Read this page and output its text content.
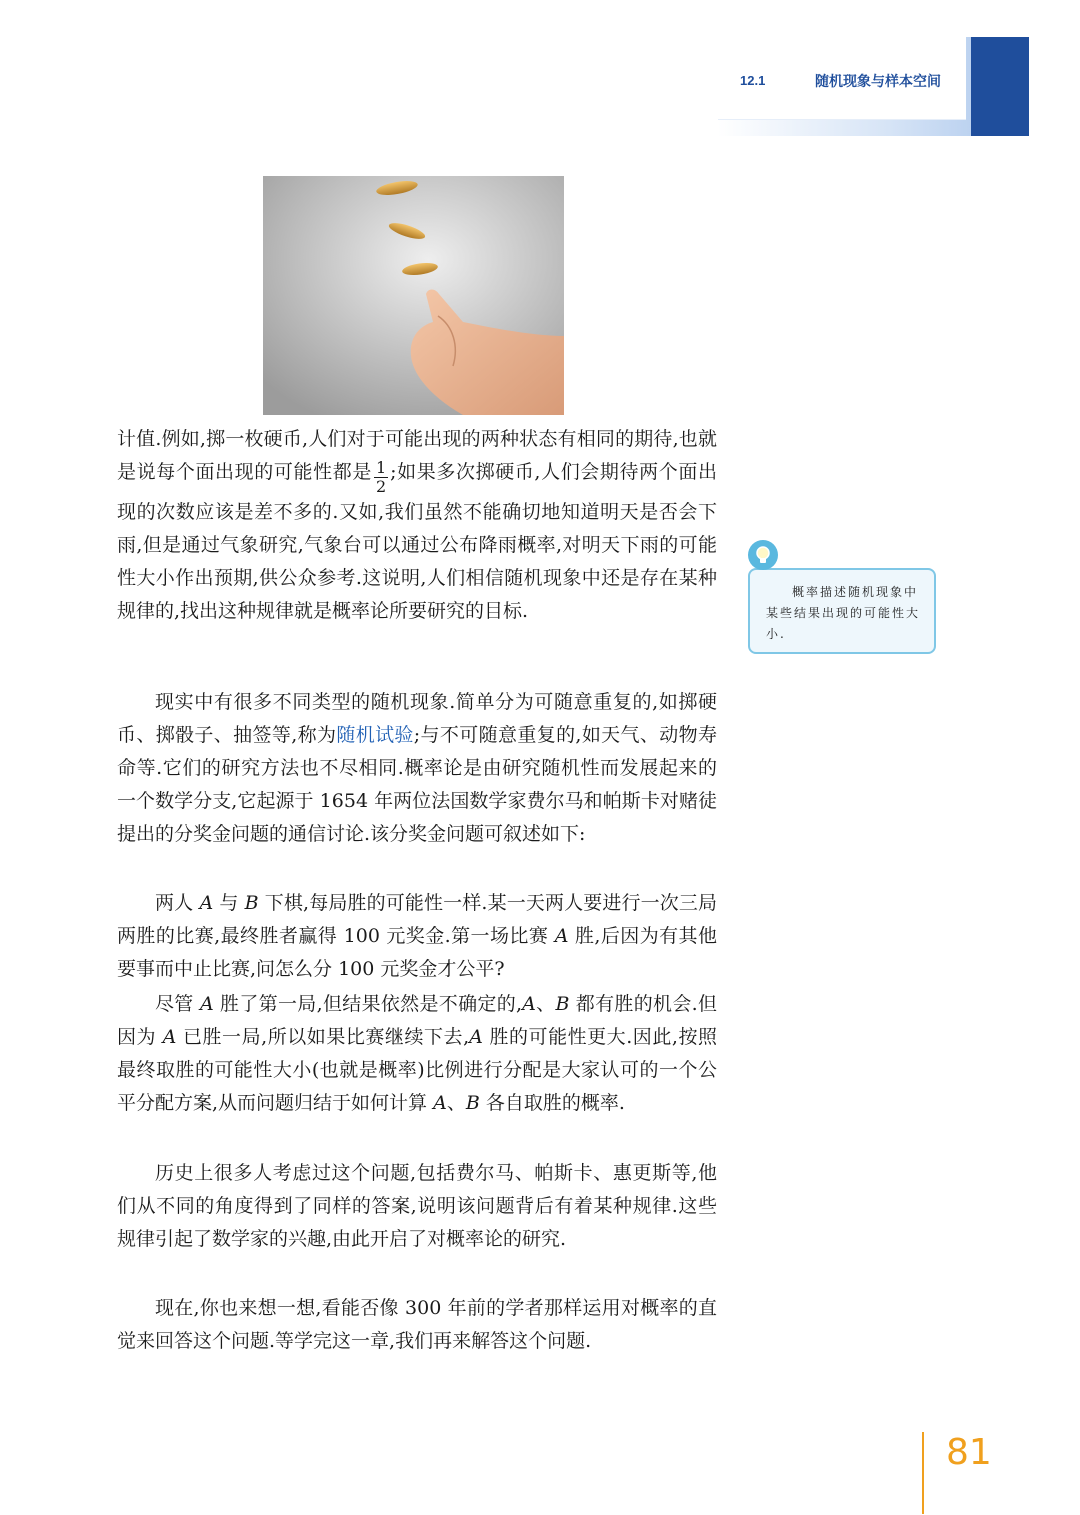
12.1	随机现象与样本空间

计值.例如,掷一枚硬币,人们对于可能出现的两种状态有相同的期待,也就是说每个面出现的可能性都是 $\frac{1}{2}$ ;如果多次掷硬币,人们会期待两个面出现的次数应该是差不多的.又如,我们虽然不能确切地知道明天是否会下雨,但是通过气象研究,气象台可以通过公布降雨概率,对明天下雨的可能性大小作出预期,供公众参考.这说明,人们相信随机现象中还是存在某种规律的,找出这种规律就是概率论所要研究的目标.

现实中有很多不同类型的随机现象.简单分为可随意重复的,如掷硬币、掷骰子、抽签等,称为随机试验;与不可随意重复的,如天气、动物寿命等.它们的研究方法也不尽相同.概率论是由研究随机性而发展起来的一个数学分支,它起源于 1654 年两位法国数学家费尔马和帕斯卡对赌徒提出的分奖金问题的通信讨论.该分奖金问题可叙述如下:

两人 A 与 B 下棋,每局胜的可能性一样.某一天两人要进行一次三局两胜的比赛,最终胜者赢得 100 元奖金.第一场比赛 A 胜,后因为有其他要事而中止比赛,问怎么分 100 元奖金才公平?

尽管 A 胜了第一局,但结果依然是不确定的,A、B 都有胜的机会.但因为 A 已胜一局,所以如果比赛继续下去,A 胜的可能性更大.因此,按照最终取胜的可能性大小(也就是概率)比例进行分配是大家认可的一个公平分配方案,从而问题归结于如何计算 A、B 各自取胜的概率.

历史上很多人考虑过这个问题,包括费尔马、帕斯卡、惠更斯等,他们从不同的角度得到了同样的答案,说明该问题背后有着某种规律.这些规律引起了数学家的兴趣,由此开启了对概率论的研究.

现在,你也来想一想,看能否像 300 年前的学者那样运用对概率的直觉来回答这个问题.等学完这一章,我们再来解答这个问题.

概率描述随机现象中某些结果出现的可能性大小.
81
